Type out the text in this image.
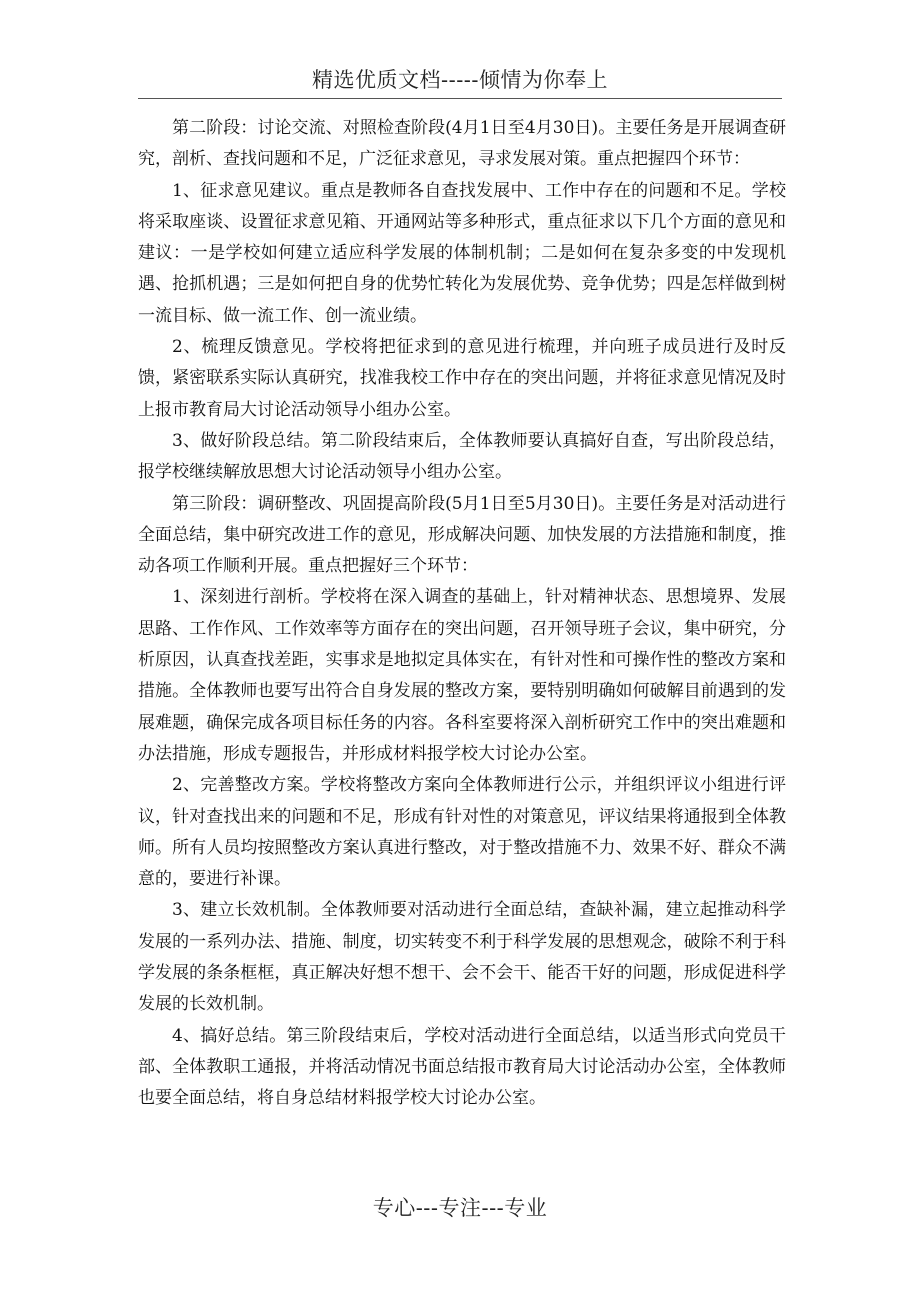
精选优质文档-----倾情为你奉上

第二阶段：讨论交流、对照检查阶段(4月1日至4月30日)。主要任务是开展调查研究，剖析、查找问题和不足，广泛征求意见，寻求发展对策。重点把握四个环节：

1、征求意见建议。重点是教师各自查找发展中、工作中存在的问题和不足。学校将采取座谈、设置征求意见箱、开通网站等多种形式，重点征求以下几个方面的意见和建议：一是学校如何建立适应科学发展的体制机制；二是如何在复杂多变的中发现机遇、抢抓机遇；三是如何把自身的优势忙转化为发展优势、竞争优势；四是怎样做到树一流目标、做一流工作、创一流业绩。

2、梳理反馈意见。学校将把征求到的意见进行梳理，并向班子成员进行及时反馈，紧密联系实际认真研究，找准我校工作中存在的突出问题，并将征求意见情况及时上报市教育局大讨论活动领导小组办公室。

3、做好阶段总结。第二阶段结束后，全体教师要认真搞好自查，写出阶段总结，报学校继续解放思想大讨论活动领导小组办公室。

第三阶段：调研整改、巩固提高阶段(5月1日至5月30日)。主要任务是对活动进行全面总结，集中研究改进工作的意见，形成解决问题、加快发展的方法措施和制度，推动各项工作顺利开展。重点把握好三个环节：

1、深刻进行剖析。学校将在深入调查的基础上，针对精神状态、思想境界、发展思路、工作作风、工作效率等方面存在的突出问题，召开领导班子会议，集中研究，分析原因，认真查找差距，实事求是地拟定具体实在，有针对性和可操作性的整改方案和措施。全体教师也要写出符合自身发展的整改方案，要特别明确如何破解目前遇到的发展难题，确保完成各项目标任务的内容。各科室要将深入剖析研究工作中的突出难题和办法措施，形成专题报告，并形成材料报学校大讨论办公室。

2、完善整改方案。学校将整改方案向全体教师进行公示，并组织评议小组进行评议，针对查找出来的问题和不足，形成有针对性的对策意见，评议结果将通报到全体教师。所有人员均按照整改方案认真进行整改，对于整改措施不力、效果不好、群众不满意的，要进行补课。

3、建立长效机制。全体教师要对活动进行全面总结，查缺补漏，建立起推动科学发展的一系列办法、措施、制度，切实转变不利于科学发展的思想观念，破除不利于科学发展的条条框框，真正解决好想不想干、会不会干、能否干好的问题，形成促进科学发展的长效机制。

4、搞好总结。第三阶段结束后，学校对活动进行全面总结，以适当形式向党员干部、全体教职工通报，并将活动情况书面总结报市教育局大讨论活动办公室，全体教师也要全面总结，将自身总结材料报学校大讨论办公室。

专心---专注---专业
